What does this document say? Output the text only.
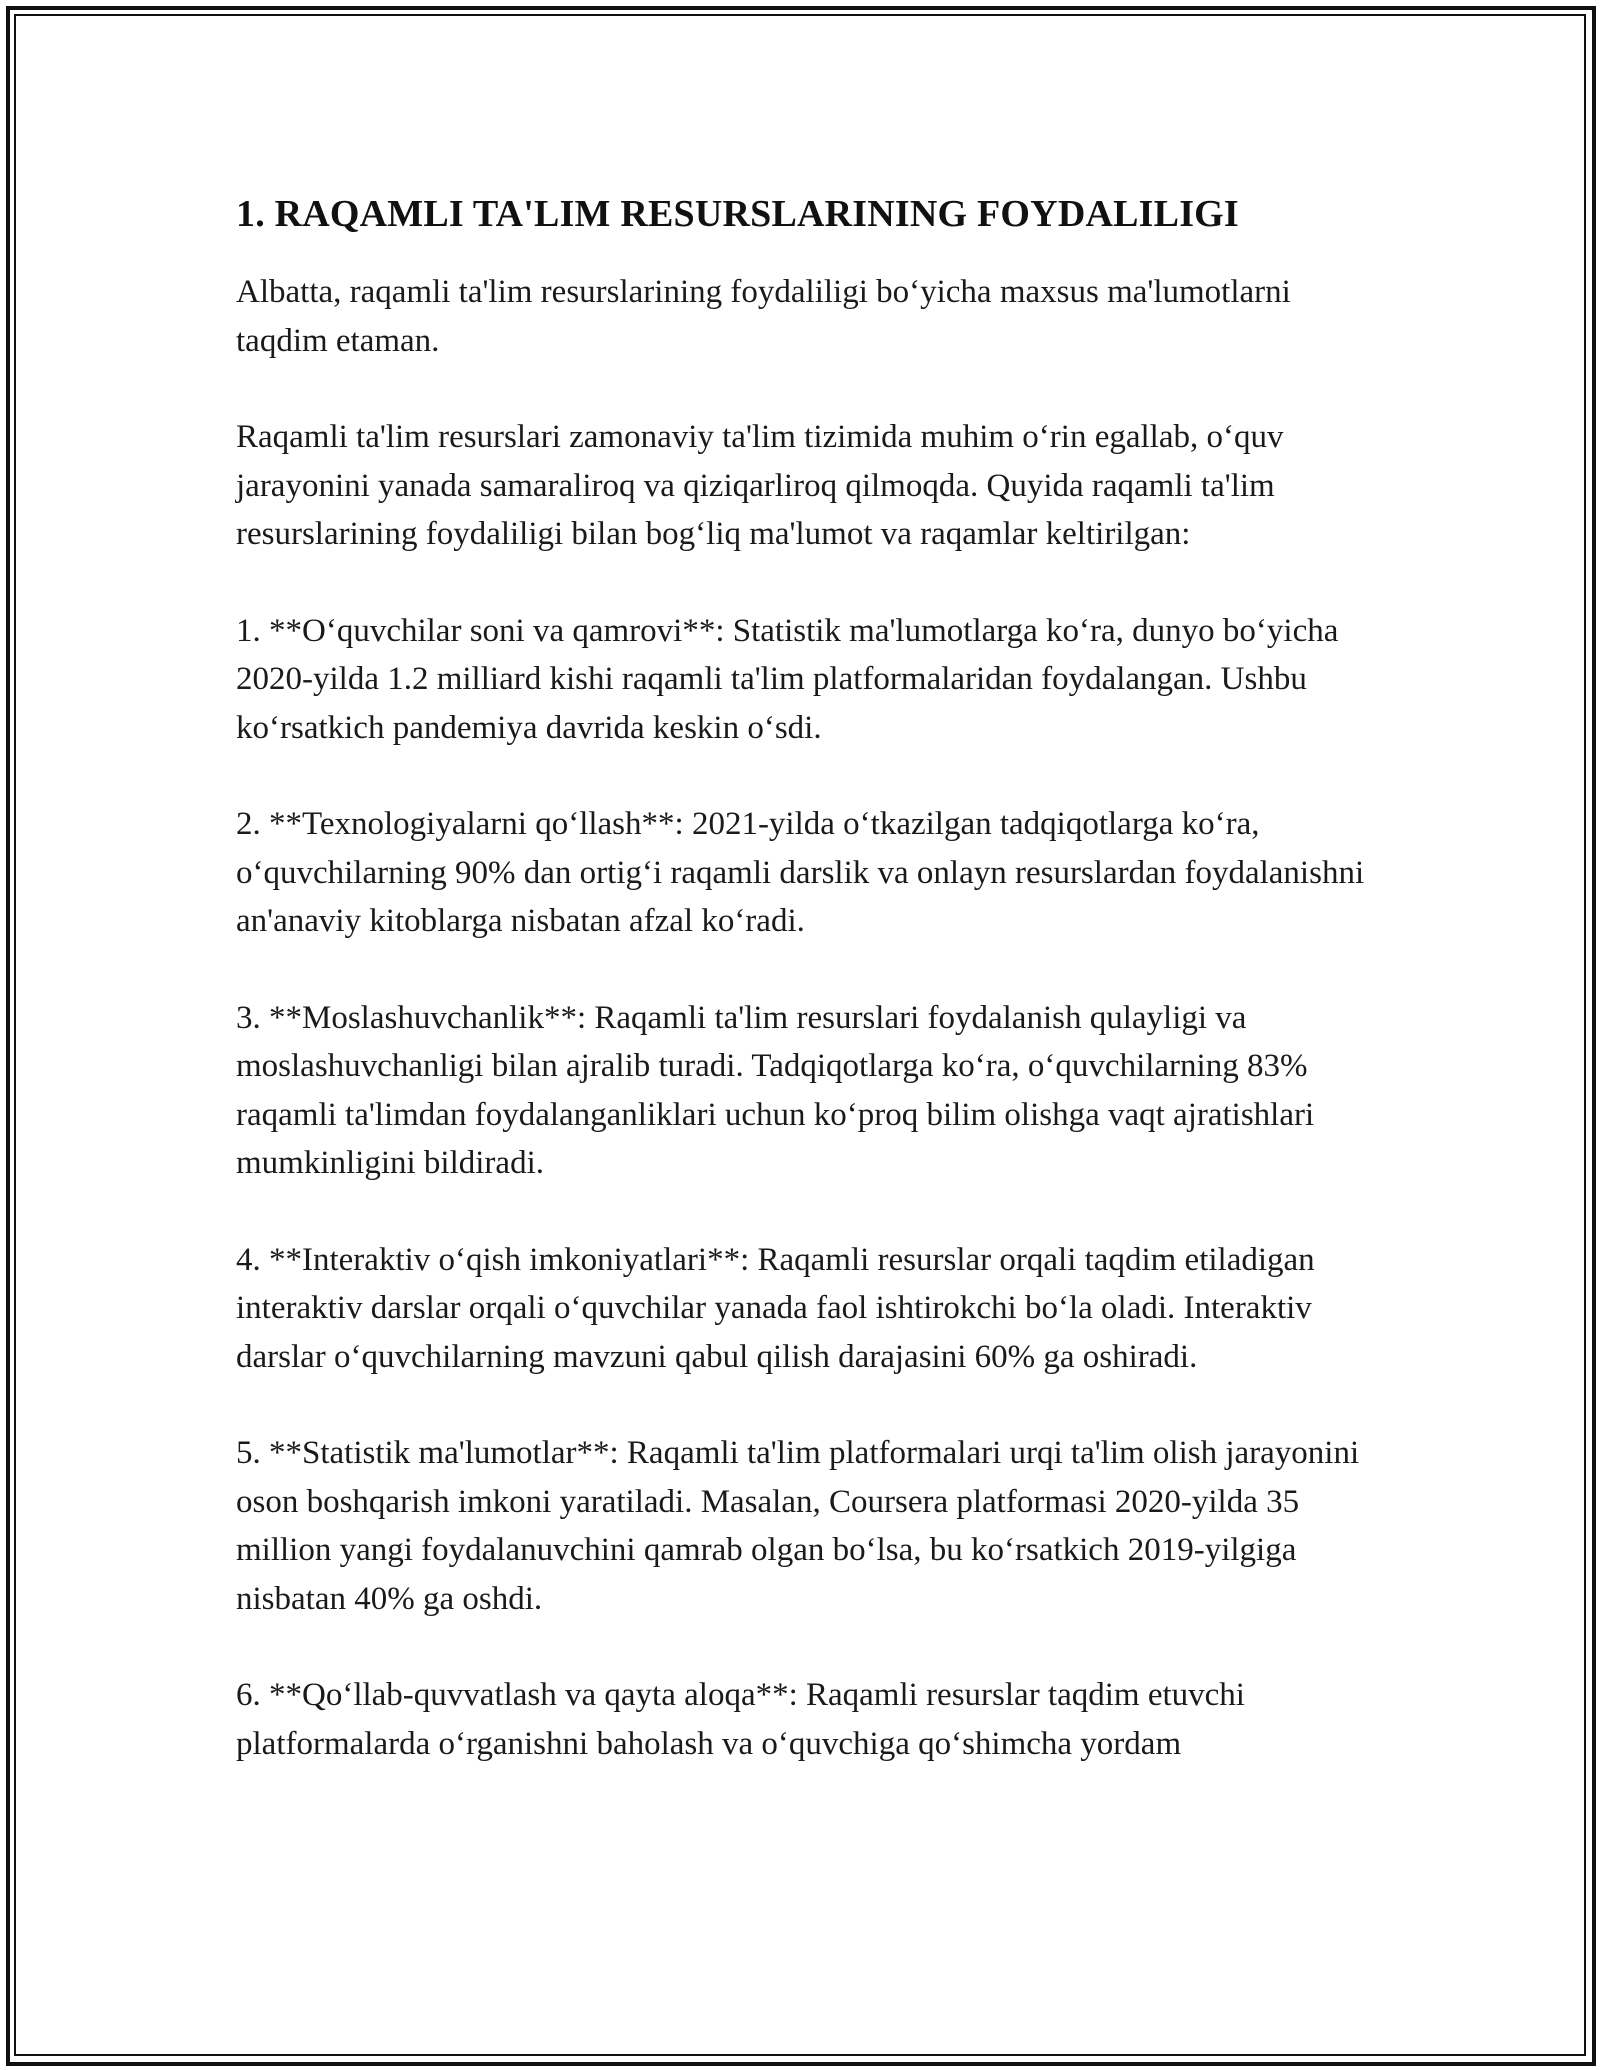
1. RAQAMLI TA'LIM RESURSLARINING FOYDALILIGI

Albatta, raqamli ta'lim resurslarining foydaliligi bo‘yicha maxsus ma'lumotlarni taqdim etaman.

Raqamli ta'lim resurslari zamonaviy ta'lim tizimida muhim o‘rin egallab, o‘quv jarayonini yanada samaraliroq va qiziqarliroq qilmoqda. Quyida raqamli ta'lim resurslarining foydaliligi bilan bog‘liq ma'lumot va raqamlar keltirilgan:

1. **O‘quvchilar soni va qamrovi**: Statistik ma'lumotlarga ko‘ra, dunyo bo‘yicha 2020-yilda 1.2 milliard kishi raqamli ta'lim platformalaridan foydalangan. Ushbu ko‘rsatkich pandemiya davrida keskin o‘sdi.

2. **Texnologiyalarni qo‘llash**: 2021-yilda o‘tkazilgan tadqiqotlarga ko‘ra, o‘quvchilarning 90% dan ortig‘i raqamli darslik va onlayn resurslardan foydalanishni an'anaviy kitoblarga nisbatan afzal ko‘radi.

3. **Moslashuvchanlik**: Raqamli ta'lim resurslari foydalanish qulayligi va moslashuvchanligi bilan ajralib turadi. Tadqiqotlarga ko‘ra, o‘quvchilarning 83% raqamli ta'limdan foydalanganliklari uchun ko‘proq bilim olishga vaqt ajratishlari mumkinligini bildiradi.

4. **Interaktiv o‘qish imkoniyatlari**: Raqamli resurslar orqali taqdim etiladigan interaktiv darslar orqali o‘quvchilar yanada faol ishtirokchi bo‘la oladi. Interaktiv darslar o‘quvchilarning mavzuni qabul qilish darajasini 60% ga oshiradi.

5. **Statistik ma'lumotlar**: Raqamli ta'lim platformalari urqi ta'lim olish jarayonini oson boshqarish imkoni yaratiladi. Masalan, Coursera platformasi 2020-yilda 35 million yangi foydalanuvchini qamrab olgan bo‘lsa, bu ko‘rsatkich 2019-yilgiga nisbatan 40% ga oshdi.

6. **Qo‘llab-quvvatlash va qayta aloqa**: Raqamli resurslar taqdim etuvchi platformalarda o‘rganishni baholash va o‘quvchiga qo‘shimcha yordam
